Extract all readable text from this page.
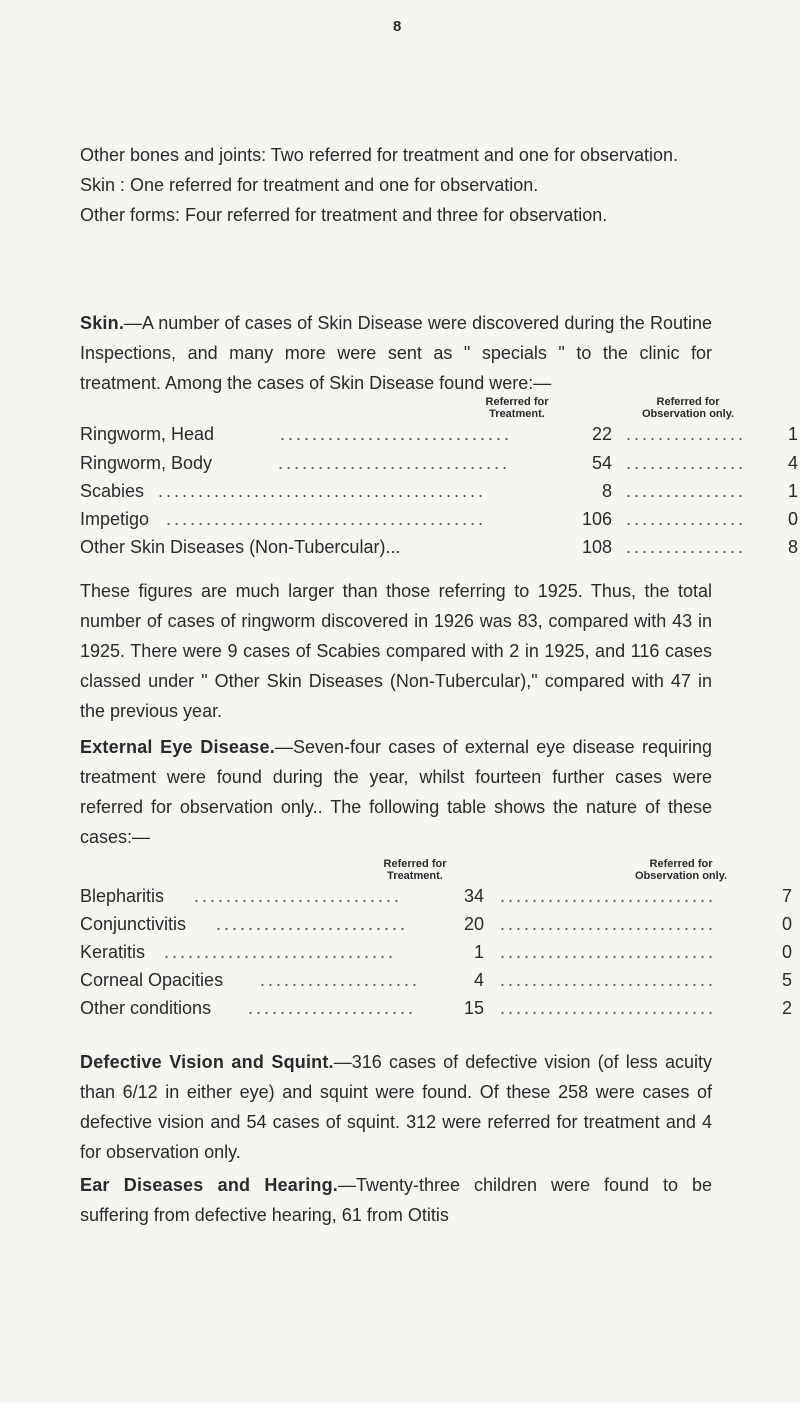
8

Other bones and joints: Two referred for treatment and one for observation.

Skin : One referred for treatment and one for observation.

Other forms: Four referred for treatment and three for observation.

Skin.—A number of cases of Skin Disease were discovered during the Routine Inspections, and many more were sent as " specials " to the clinic for treatment. Among the cases of Skin Disease found were:—

Referred for Treatment.
Referred for Observation only.
Ringworm, Head	.............................	22 ...............	1
Ringworm, Body	.............................	54 ...............	4
Scabies .........................................	8 ...............	1
Impetigo ........................................	106 ...............	0
Other Skin Diseases (Non-Tubercular)...	108 ...............	8

These figures are much larger than those referring to 1925. Thus, the total number of cases of ringworm discovered in 1926 was 83, compared with 43 in 1925. There were 9 cases of Scabies compared with 2 in 1925, and 116 cases classed under " Other Skin Diseases (Non-Tubercular)," compared with 47 in the previous year.

External Eye Disease.—Seven-four cases of external eye disease requiring treatment were found during the year, whilst fourteen further cases were referred for observation only.. The following table shows the nature of these cases:—

Referred for Treatment.
Referred for Observation only.
Blepharitis ..........................	34 ...........................	7
Conjunctivitis ........................	20 ...........................	0
Keratitis .............................	1 ...........................	0
Corneal Opacities ....................	4 ...........................	5
Other conditions .....................	15 ...........................	2

Defective Vision and Squint.—316 cases of defective vision (of less acuity than 6/12 in either eye) and squint were found. Of these 258 were cases of defective vision and 54 cases of squint. 312 were referred for treatment and 4 for observation only.

Ear Diseases and Hearing.—Twenty-three children were found to be suffering from defective hearing, 61 from Otitis
